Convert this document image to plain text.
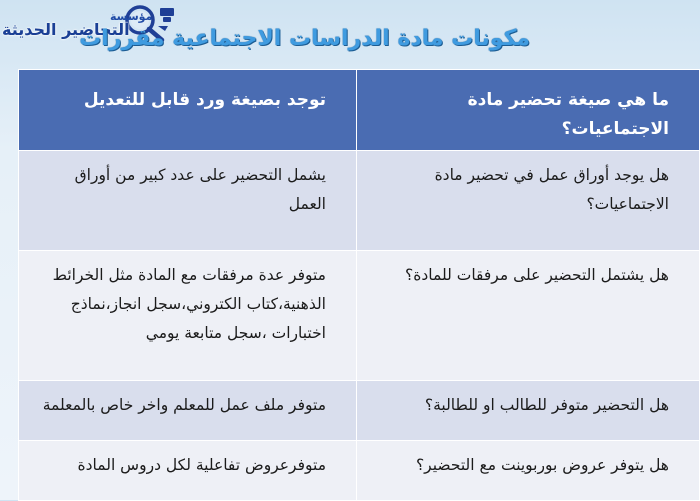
مؤسسة
التحاضير الحديثة
مكونات مادة الدراسات الاجتماعية مقررات
ما هي صيغة تحضير مادة الاجتماعيات؟	توجد بصيغة ورد قابل للتعديل
هل يوجد أوراق عمل في تحضير مادة الاجتماعيات؟	يشمل التحضير على عدد كبير من أوراق العمل
هل يشتمل التحضير على مرفقات للمادة؟	متوفر عدة مرفقات مع المادة مثل الخرائط الذهنية،كتاب الكتروني،سجل انجاز،نماذج اختبارات ،سجل متابعة يومي
هل التحضير متوفر للطالب او للطالبة؟	متوفر ملف عمل للمعلم واخر خاص بالمعلمة
هل يتوفر عروض بوربوينت مع التحضير؟	متوفرعروض تفاعلية لكل دروس المادة
